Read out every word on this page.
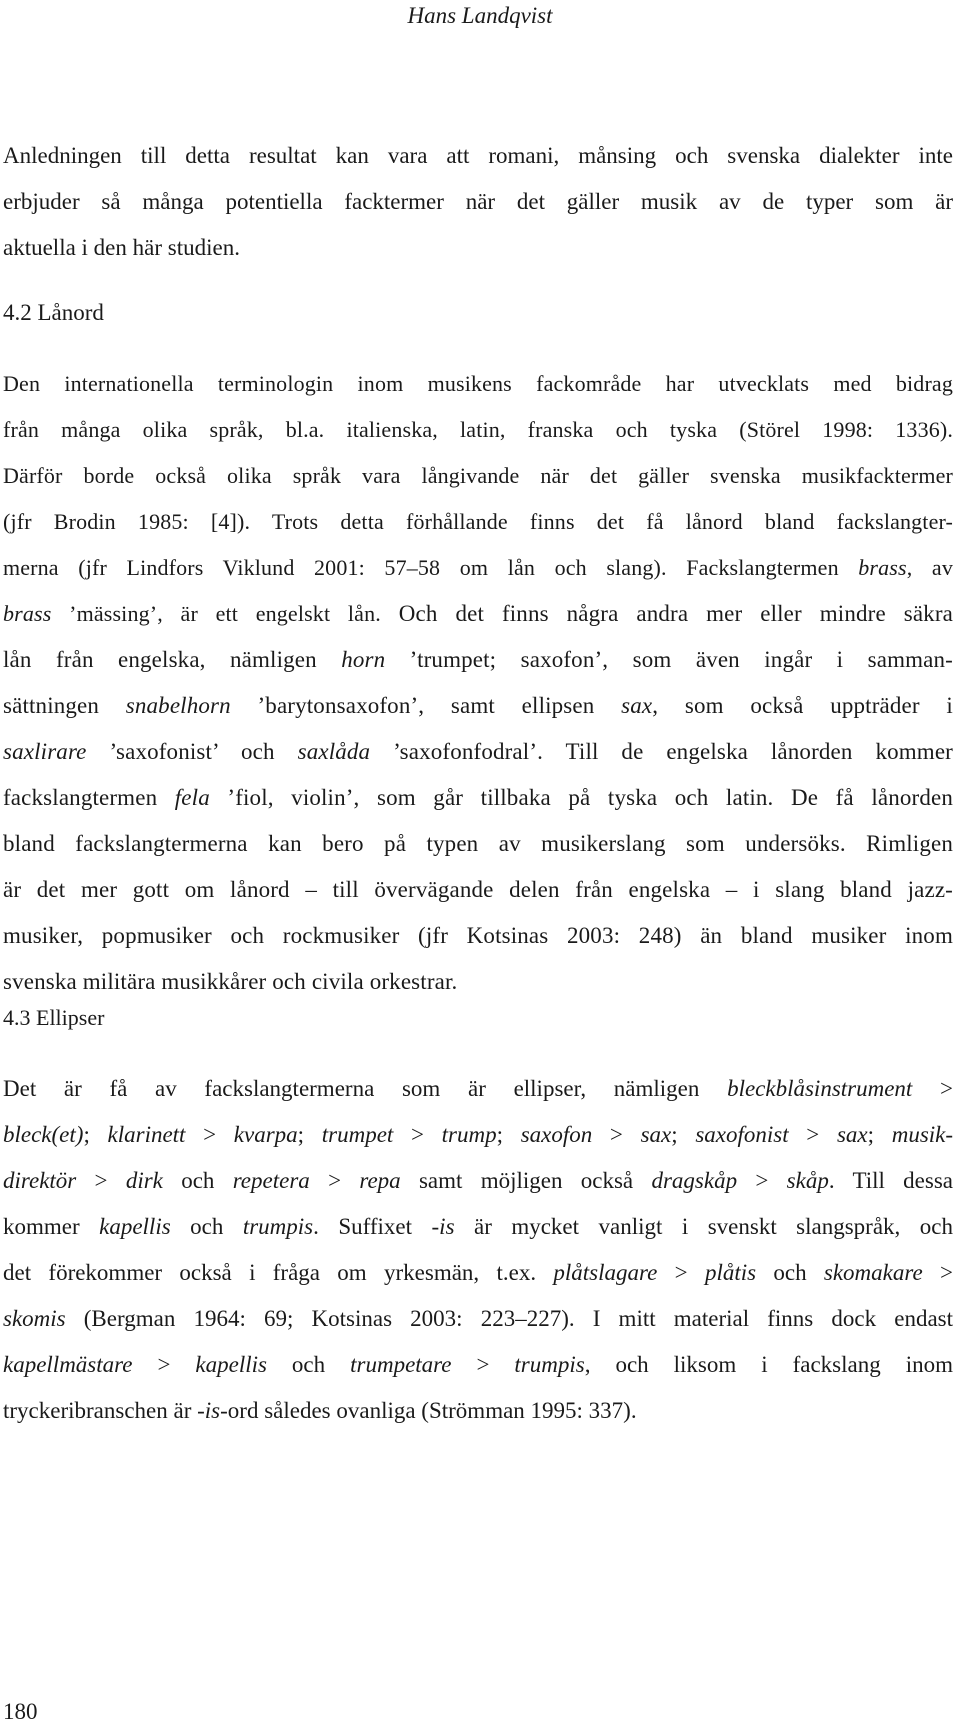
Hans Landqvist

Anledningen till detta resultat kan vara att romani, månsing och svenska dialekter inte
erbjuder så många potentiella facktermer när det gäller musik av de typer som är
aktuella i den här studien.

4.2 Lånord

Den internationella terminologin inom musikens fackområde har utvecklats med bidrag
från många olika språk, bl.a. italienska, latin, franska och tyska (Störel 1998: 1336).
Därför borde också olika språk vara långivande när det gäller svenska musikfacktermer
(jfr Brodin 1985: [4]). Trots detta förhållande finns det få lånord bland fackslangter-
merna (jfr Lindfors Viklund 2001: 57–58 om lån och slang). Fackslangtermen brass, av
brass ’mässing’, är ett engelskt lån. Och det finns några andra mer eller mindre säkra
lån från engelska, nämligen horn ’trumpet; saxofon’, som även ingår i samman-
sättningen snabelhorn ’barytonsaxofon’, samt ellipsen sax, som också uppträder i
saxlirare ’saxofonist’ och saxlåda ’saxofonfodral’. Till de engelska lånorden kommer
fackslangtermen fela ’fiol, violin’, som går tillbaka på tyska och latin. De få lånorden
bland fackslangtermerna kan bero på typen av musikerslang som undersöks. Rimligen
är det mer gott om lånord – till övervägande delen från engelska – i slang bland jazz-
musiker, popmusiker och rockmusiker (jfr Kotsinas 2003: 248) än bland musiker inom
svenska militära musikkårer och civila orkestrar.

4.3 Ellipser

Det är få av fackslangtermerna som är ellipser, nämligen bleckblåsinstrument >
bleck(et); klarinett > kvarpa; trumpet > trump; saxofon > sax; saxofonist > sax; musik-
direktör > dirk och repetera > repa samt möjligen också dragskåp > skåp. Till dessa
kommer kapellis och trumpis. Suffixet -is är mycket vanligt i svenskt slangspråk, och
det förekommer också i fråga om yrkesmän, t.ex. plåtslagare > plåtis och skomakare >
skomis (Bergman 1964: 69; Kotsinas 2003: 223–227). I mitt material finns dock endast
kapellmästare > kapellis och trumpetare > trumpis, och liksom i fackslang inom
tryckeribranschen är -is-ord således ovanliga (Strömman 1995: 337).

180
